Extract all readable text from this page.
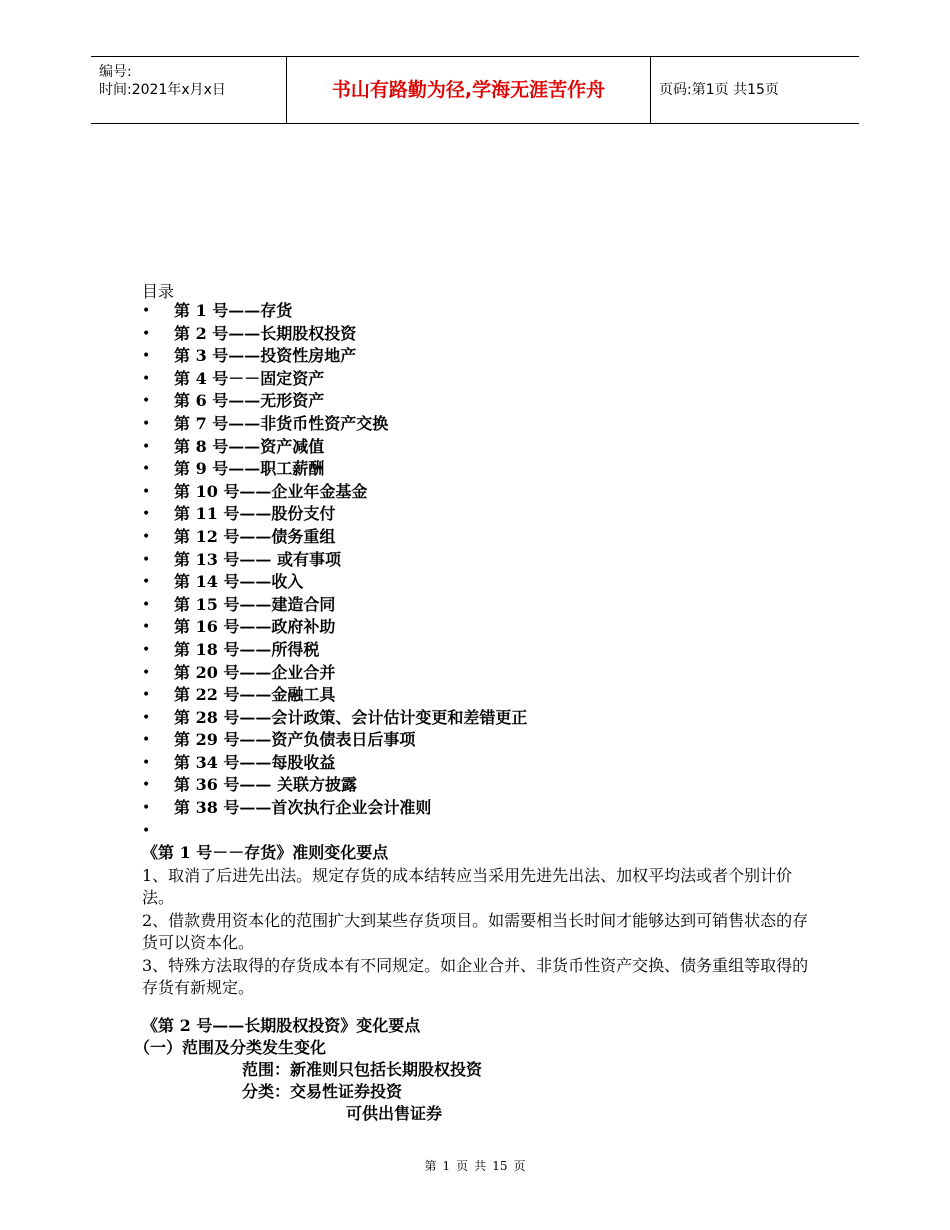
编号:
时间:2021年x月x日	书山有路勤为径,学海无涯苦作舟	页码:第1页 共15页
目录
• 第 1 号——存货
• 第 2 号——长期股权投资
• 第 3 号——投资性房地产
• 第 4 号－－固定资产
• 第 6 号——无形资产
• 第 7 号——非货币性资产交换
• 第 8 号——资产减值
• 第 9 号——职工薪酬
• 第 10 号——企业年金基金
• 第 11 号——股份支付
• 第 12 号——债务重组
• 第 13 号—— 或有事项
• 第 14 号——收入
• 第 15 号——建造合同
• 第 16 号——政府补助
• 第 18 号——所得税
• 第 20 号——企业合并
• 第 22 号——金融工具
• 第 28 号——会计政策、会计估计变更和差错更正
• 第 29 号——资产负债表日后事项
• 第 34 号——每股收益
• 第 36 号—— 关联方披露
• 第 38 号——首次执行企业会计准则
•
《第 1 号－－存货》准则变化要点
1、取消了后进先出法。规定存货的成本结转应当采用先进先出法、加权平均法或者个别计价法。
2、借款费用资本化的范围扩大到某些存货项目。如需要相当长时间才能够达到可销售状态的存货可以资本化。
3、特殊方法取得的存货成本有不同规定。如企业合并、非货币性资产交换、债务重组等取得的存货有新规定。
《第 2 号——长期股权投资》变化要点
（一）范围及分类发生变化
范围：新准则只包括长期股权投资
分类：交易性证券投资
可供出售证券
第 1 页 共 15 页
